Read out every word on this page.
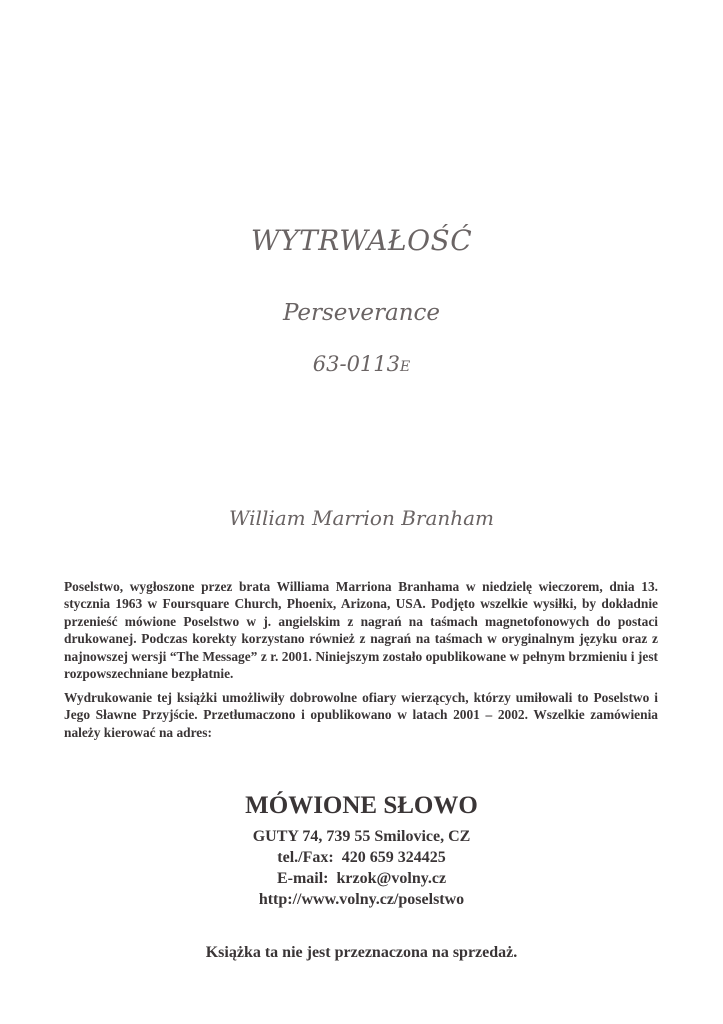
WYTRWAŁOŚĆ
Perseverance
63-0113E
William Marrion Branham
Poselstwo, wygłoszone przez brata Williama Marriona Branhama w niedzielę wieczorem, dnia 13. stycznia 1963 w Foursquare Church, Phoenix, Arizona, USA. Podjęto wszelkie wysiłki, by dokładnie przenieść mówione Poselstwo w j. angielskim z nagrań na taśmach magnetofonowych do postaci drukowanej. Podczas korekty korzystano również z nagrań na taśmach w oryginalnym języku oraz z najnowszej wersji “The Message” z r. 2001. Niniejszym zostało opublikowane w pełnym brzmieniu i jest rozpowszechniane bezpłatnie.
Wydrukowanie tej książki umożliwiły dobrowolne ofiary wierzących, którzy umiłowali to Poselstwo i Jego Sławne Przyjście. Przetłumaczono i opublikowano w latach 2001 – 2002. Wszelkie zamówienia należy kierować na adres:
MÓWIONE SŁOWO
GUTY 74, 739 55 Smilovice, CZ
tel./Fax:  420 659 324425
E-mail:  krzok@volny.cz
http://www.volny.cz/poselstwo
Książka ta nie jest przeznaczona na sprzedaż.
